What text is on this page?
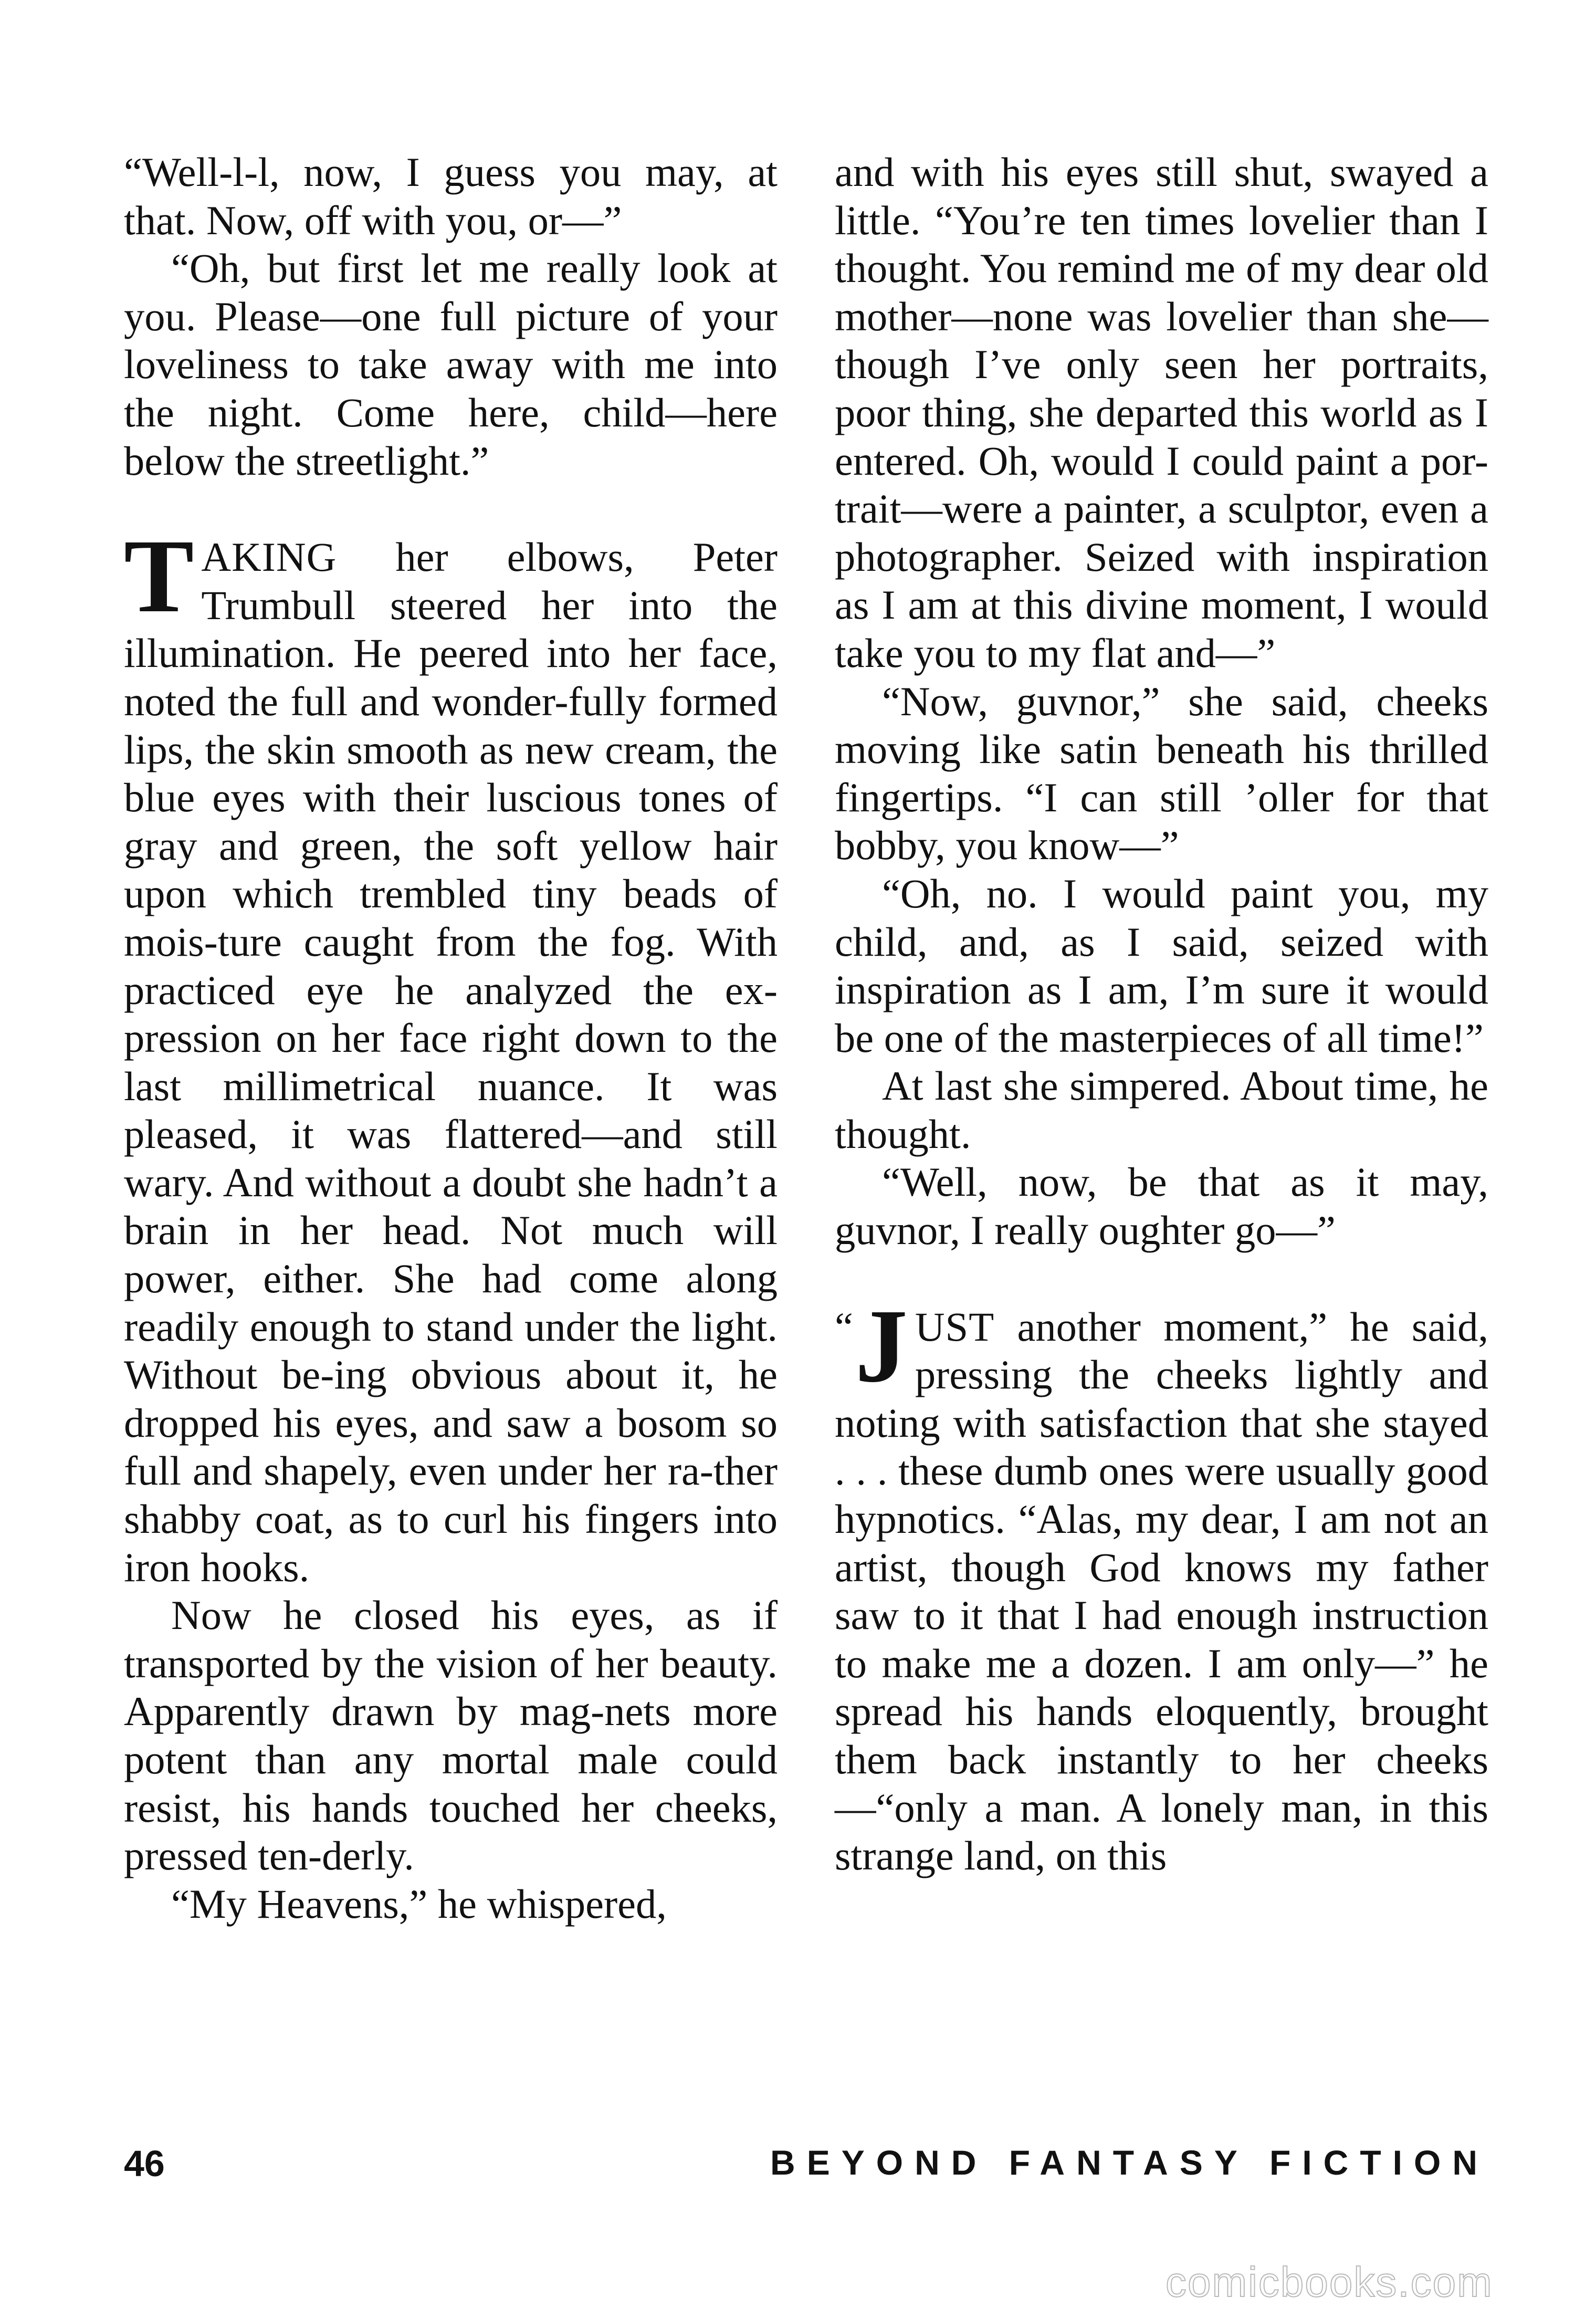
“Well-l-l, now, I guess you may, at that. Now, off with you, or—”

“Oh, but first let me really look at you. Please—one full picture of your loveliness to take away with me into the night. Come here, child—here below the streetlight.”

TAKING her elbows, Peter Trumbull steered her into the illumination. He peered into her face, noted the full and wonder-fully formed lips, the skin smooth as new cream, the blue eyes with their luscious tones of gray and green, the soft yellow hair upon which trembled tiny beads of mois-ture caught from the fog. With practiced eye he analyzed the ex-pression on her face right down to the last millimetrical nuance. It was pleased, it was flattered—and still wary. And without a doubt she hadn’t a brain in her head. Not much will power, either. She had come along readily enough to stand under the light. Without be-ing obvious about it, he dropped his eyes, and saw a bosom so full and shapely, even under her ra-ther shabby coat, as to curl his fingers into iron hooks.

Now he closed his eyes, as if transported by the vision of her beauty. Apparently drawn by mag-nets more potent than any mortal male could resist, his hands touched her cheeks, pressed ten-derly.

“My Heavens,” he whispered,

and with his eyes still shut, swayed a little. “You’re ten times lovelier than I thought. You remind me of my dear old mother—none was lovelier than she—though I’ve only seen her portraits, poor thing, she departed this world as I entered. Oh, would I could paint a por-trait—were a painter, a sculptor, even a photographer. Seized with inspiration as I am at this divine moment, I would take you to my flat and—”

“Now, guvnor,” she said, cheeks moving like satin beneath his thrilled fingertips. “I can still ’oller for that bobby, you know—”

“Oh, no. I would paint you, my child, and, as I said, seized with inspiration as I am, I’m sure it would be one of the masterpieces of all time!”

At last she simpered. About time, he thought.

“Well, now, be that as it may, guvnor, I really oughter go—”

“ J UST another moment,” he said, pressing the cheeks lightly and noting with satisfaction that she stayed . . . these dumb ones were usually good hypnotics. “Alas, my dear, I am not an artist, though God knows my father saw to it that I had enough instruction to make me a dozen. I am only—” he spread his hands eloquently, brought them back instantly to her cheeks—“only a man. A lonely man, in this strange land, on this

46	BEYOND FANTASY FICTION
comicbooks.com
